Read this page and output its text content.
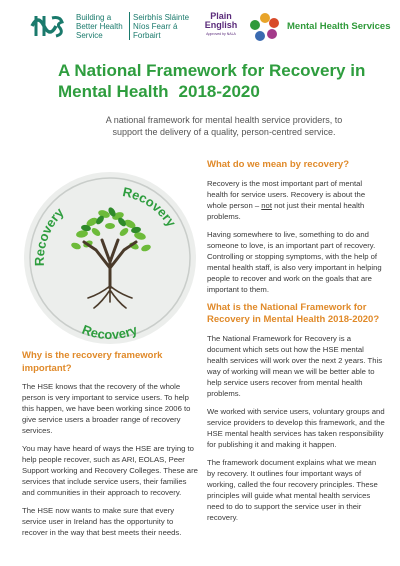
Building a Better Health Service
Seirbhís Sláinte Níos Fearr á Forbairt
Plain
English
Approved by NALA
Mental Health Services
A National Framework for Recovery in Mental Health 2018-2020
A national framework for mental health service providers, to support the delivery of a quality, person-centred service.
Recovery
Recovery
Recovery
What do we mean by recovery?

Recovery is the most important part of mental health for service users. Recovery is about the whole person – not not just their mental health problems.

Having somewhere to live, something to do and someone to love, is an important part of recovery. Controlling or stopping symptoms, with the help of mental health staff, is also very important in helping people to recover and work on the goals that are important to them.

What is the National Framework for Recovery in Mental Health 2018-2020?

The National Framework for Recovery is a document which sets out how the HSE mental health services will work over the next 2 years. This way of working will mean we will be better able to help service users recover from mental health problems.

We worked with service users, voluntary groups and service providers to develop this framework, and the HSE mental health services has taken responsibility for publishing it and making it happen.

The framework document explains what we mean by recovery. It outlines four important ways of working, called the four recovery principles. These principles will guide what mental health services need to do to support the service user in their recovery.

Why is the recovery framework important?

The HSE knows that the recovery of the whole person is very important to service users. To help this happen, we have been working since 2006 to give service users a broader range of recovery services.

You may have heard of ways the HSE are trying to help people recover, such as ARI, EOLAS, Peer Support working and Recovery Colleges. These are services that include service users, their families and communities in their approach to recovery.

The HSE now wants to make sure that every service user in Ireland has the opportunity to recover in the way that best meets their needs.
